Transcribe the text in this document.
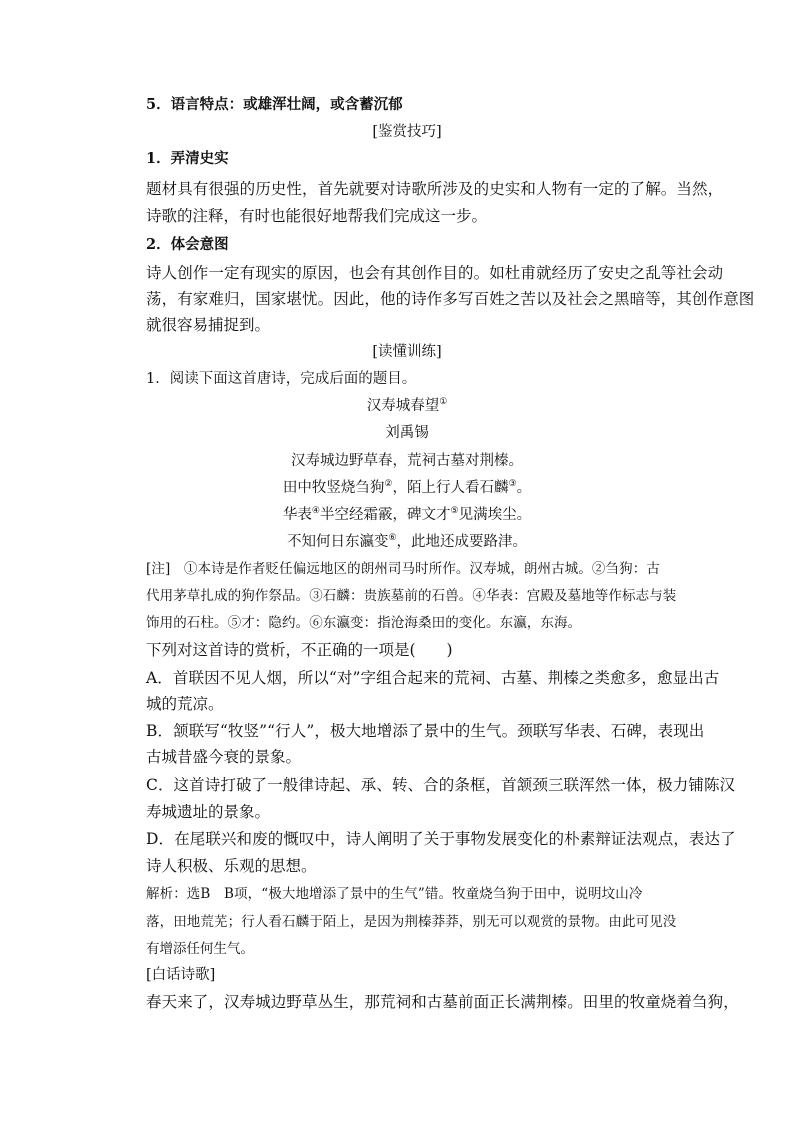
5．语言特点：或雄浑壮阔，或含蓄沉郁
[鉴赏技巧]
1．弄清史实
题材具有很强的历史性，首先就要对诗歌所涉及的史实和人物有一定的了解。当然，
诗歌的注释，有时也能很好地帮我们完成这一步。
2．体会意图
诗人创作一定有现实的原因，也会有其创作目的。如杜甫就经历了安史之乱等社会动
荡，有家难归，国家堪忧。因此，他的诗作多写百姓之苦以及社会之黑暗等，其创作意图
就很容易捕捉到。
[读懂训练]
1．阅读下面这首唐诗，完成后面的题目。
汉寿城春望①
刘禹锡
汉寿城边野草春，荒祠古墓对荆榛。
田中牧竖烧刍狗②，陌上行人看石麟③。
华表④半空经霜霰，碑文才⑤见满埃尘。
不知何日东瀛变⑥，此地还成要路津。
[注]　①本诗是作者贬任偏远地区的朗州司马时所作。汉寿城，朗州古城。②刍狗：古
代用茅草扎成的狗作祭品。③石麟：贵族墓前的石兽。④华表：宫殿及墓地等作标志与装
饰用的石柱。⑤才：隐约。⑥东瀛变：指沧海桑田的变化。东瀛，东海。
下列对这首诗的赏析，不正确的一项是(　　)
A．首联因不见人烟，所以“对”字组合起来的荒祠、古墓、荆榛之类愈多，愈显出古
城的荒凉。
B．颔联写“牧竖”“行人”，极大地增添了景中的生气。颈联写华表、石碑，表现出
古城昔盛今衰的景象。
C．这首诗打破了一般律诗起、承、转、合的条框，首颔颈三联浑然一体，极力铺陈汉
寿城遗址的景象。
D．在尾联兴和废的慨叹中，诗人阐明了关于事物发展变化的朴素辩证法观点，表达了
诗人积极、乐观的思想。
解析：选B　B项，“极大地增添了景中的生气”错。牧童烧刍狗于田中，说明坟山冷
落，田地荒芜；行人看石麟于陌上，是因为荆榛莽莽，别无可以观赏的景物。由此可见没
有增添任何生气。
[白话诗歌]
春天来了，汉寿城边野草丛生，那荒祠和古墓前面正长满荆榛。田里的牧童烧着刍狗，
